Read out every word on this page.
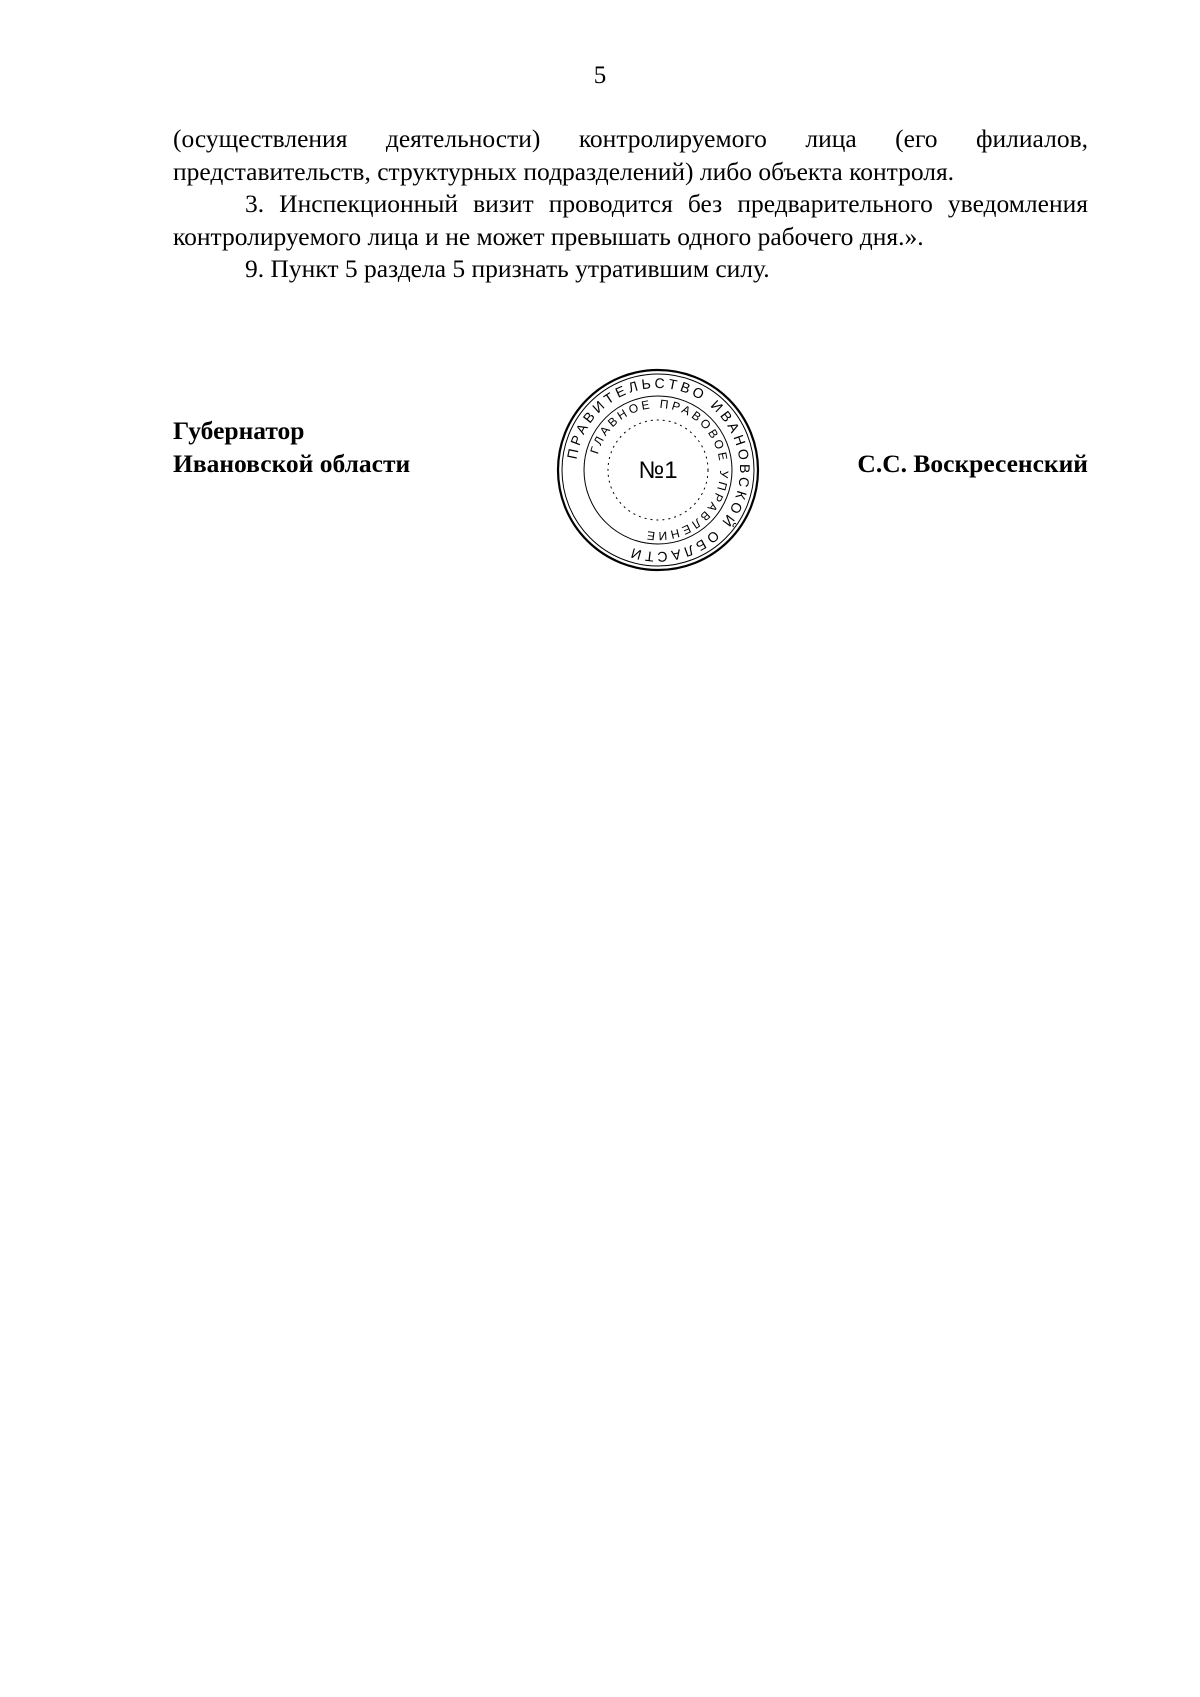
5

(осуществления деятельности) контролируемого лица (его филиалов, представительств, структурных подразделений) либо объекта контроля.

3. Инспекционный визит проводится без предварительного уведомления контролируемого лица и не может превышать одного рабочего дня.».

9. Пункт 5 раздела 5 признать утратившим силу.

Губернатор
Ивановской области	С.С. Воскресенский
ПРАВИТЕЛЬСТВО ИВАНОВСКОЙ ОБЛАСТИ
ГЛАВНОЕ ПРАВОВОЕ УПРАВЛЕНИЕ
№1
